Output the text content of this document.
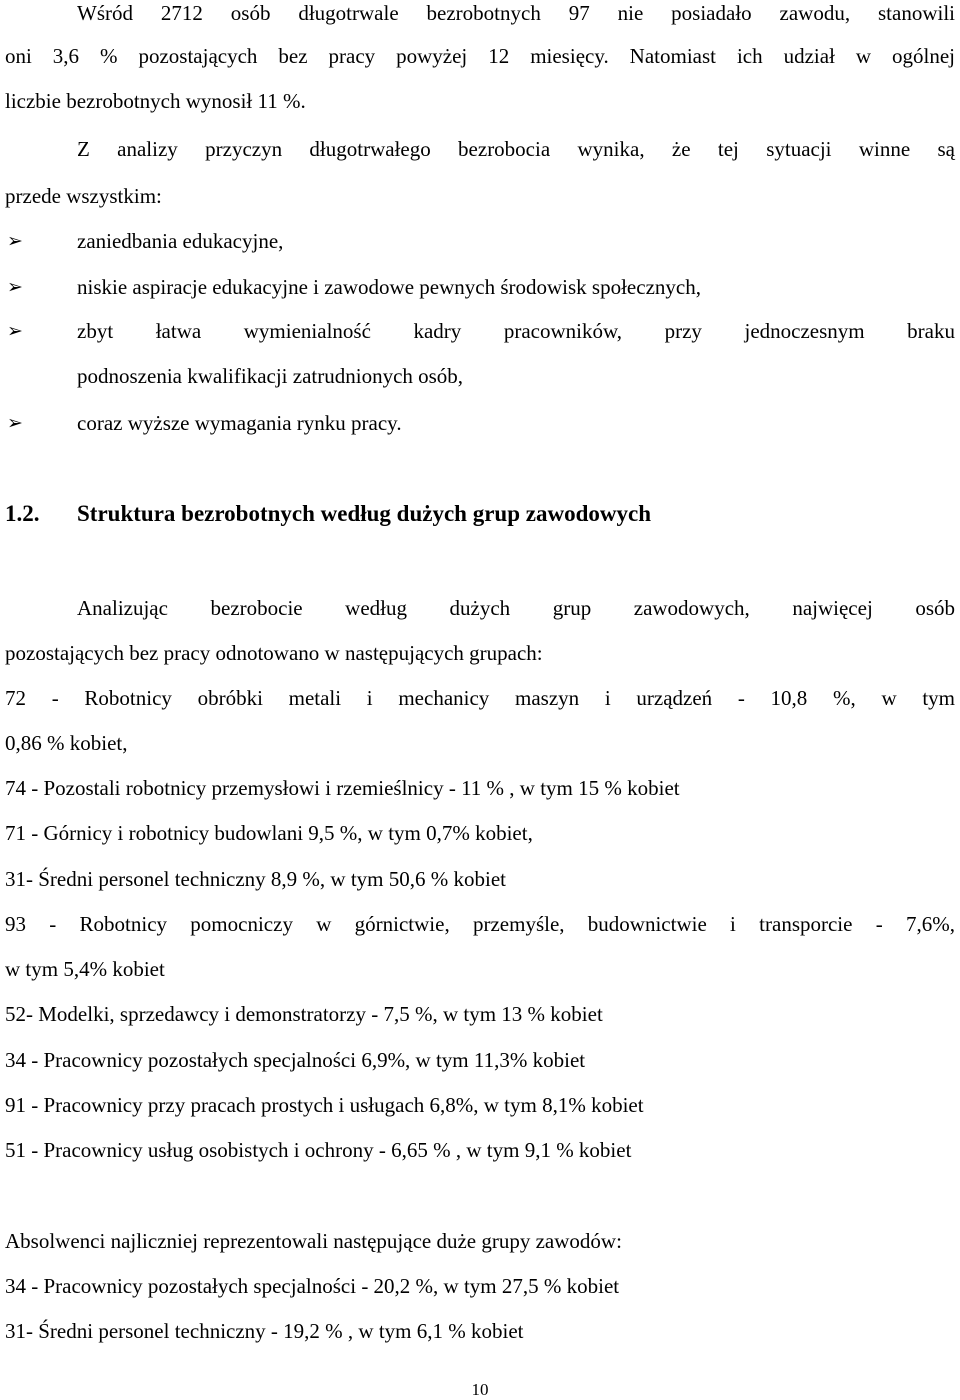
Wśród 2712 osób długotrwale bezrobotnych 97 nie posiadało zawodu, stanowili
oni 3,6 % pozostających bez pracy powyżej 12 miesięcy. Natomiast ich udział w ogólnej
liczbie bezrobotnych wynosił 11 %.
Z analizy przyczyn długotrwałego bezrobocia wynika, że tej sytuacji winne są
przede wszystkim:
➢	zaniedbania edukacyjne,
➢	niskie aspiracje edukacyjne i zawodowe pewnych środowisk społecznych,
➢	zbyt łatwa wymienialność kadry pracowników, przy jednoczesnym braku
podnoszenia kwalifikacji zatrudnionych osób,
➢	coraz wyższe wymagania rynku pracy.
1.2. Struktura bezrobotnych według dużych grup zawodowych
Analizując bezrobocie według dużych grup zawodowych, najwięcej osób
pozostających bez pracy odnotowano w następujących grupach:
72 - Robotnicy obróbki metali i mechanicy maszyn i urządzeń - 10,8 %, w tym
0,86 % kobiet,
74 - Pozostali robotnicy przemysłowi i rzemieślnicy - 11 % , w tym 15 % kobiet
71 - Górnicy i robotnicy budowlani 9,5 %, w tym 0,7% kobiet,
31- Średni personel techniczny 8,9 %, w tym 50,6 % kobiet
93 - Robotnicy pomocniczy w górnictwie, przemyśle, budownictwie i transporcie - 7,6%,
w tym 5,4% kobiet
52- Modelki, sprzedawcy i demonstratorzy - 7,5 %, w tym 13 % kobiet
34 - Pracownicy pozostałych specjalności 6,9%, w tym 11,3% kobiet
91 - Pracownicy przy pracach prostych i usługach 6,8%, w tym 8,1% kobiet
51 - Pracownicy usług osobistych i ochrony - 6,65 % , w tym 9,1 % kobiet
Absolwenci najliczniej reprezentowali następujące duże grupy zawodów:
34 - Pracownicy pozostałych specjalności - 20,2 %, w tym 27,5 % kobiet
31- Średni personel techniczny - 19,2 % , w tym 6,1 % kobiet
10
